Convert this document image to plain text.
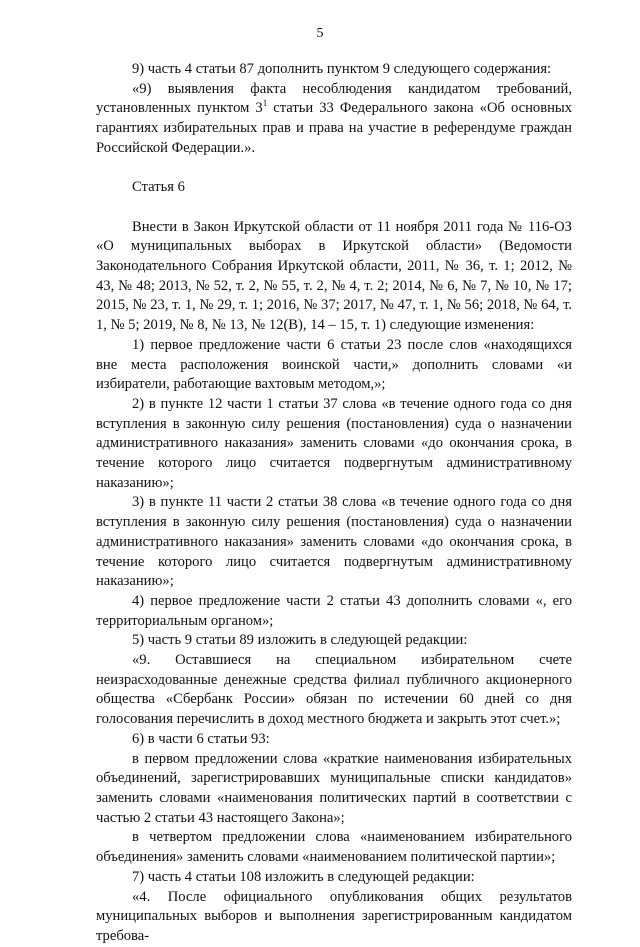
5

9) часть 4 статьи 87 дополнить пунктом 9 следующего содержания:

«9) выявления факта несоблюдения кандидатом требований, установленных пунктом $3^1$ статьи 33 Федерального закона «Об основных гарантиях избирательных прав и права на участие в референдуме граждан Российской Федерации.».

Статья 6

Внести в Закон Иркутской области от 11 ноября 2011 года № 116-ОЗ «О муниципальных выборах в Иркутской области» (Ведомости Законодательного Собрания Иркутской области, 2011, № 36, т. 1; 2012, № 43, № 48; 2013, № 52, т. 2, № 55, т. 2, № 4, т. 2; 2014, № 6, № 7, № 10, № 17; 2015, № 23, т. 1, № 29, т. 1; 2016, № 37; 2017, № 47, т. 1, № 56; 2018, № 64, т. 1, № 5; 2019, № 8, № 13, № 12(В), 14 – 15, т. 1) следующие изменения:

1) первое предложение части 6 статьи 23 после слов «находящихся вне места расположения воинской части,» дополнить словами «и избиратели, работающие вахтовым методом,»;

2) в пункте 12 части 1 статьи 37 слова «в течение одного года со дня вступления в законную силу решения (постановления) суда о назначении административного наказания» заменить словами «до окончания срока, в течение которого лицо считается подвергнутым административному наказанию»;

3) в пункте 11 части 2 статьи 38 слова «в течение одного года со дня вступления в законную силу решения (постановления) суда о назначении административного наказания» заменить словами «до окончания срока, в течение которого лицо считается подвергнутым административному наказанию»;

4) первое предложение части 2 статьи 43 дополнить словами «, его территориальным органом»;

5) часть 9 статьи 89 изложить в следующей редакции:

«9. Оставшиеся на специальном избирательном счете неизрасходованные денежные средства филиал публичного акционерного общества «Сбербанк России» обязан по истечении 60 дней со дня голосования перечислить в доход местного бюджета и закрыть этот счет.»;

6) в части 6 статьи 93:

в первом предложении слова «краткие наименования избирательных объединений, зарегистрировавших муниципальные списки кандидатов» заменить словами «наименования политических партий в соответствии с частью 2 статьи 43 настоящего Закона»;

в четвертом предложении слова «наименованием избирательного объединения» заменить словами «наименованием политической партии»;

7) часть 4 статьи 108 изложить в следующей редакции:

«4. После официального опубликования общих результатов муниципальных выборов и выполнения зарегистрированным кандидатом требова-
